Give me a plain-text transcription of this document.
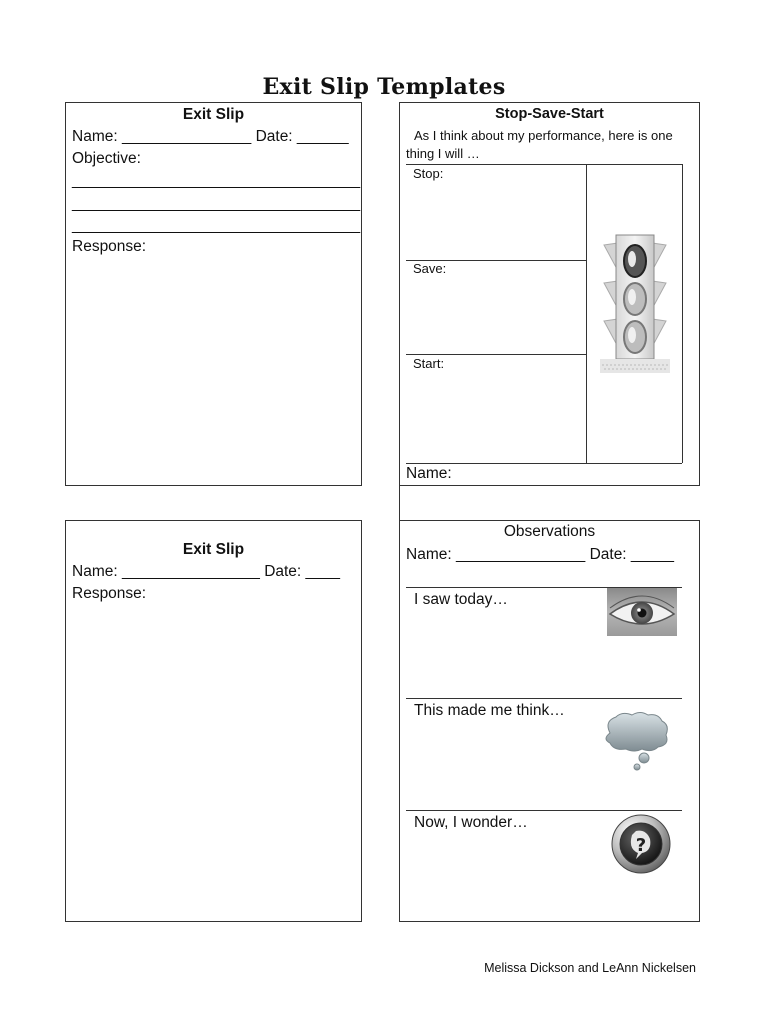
Exit Slip Templates
Exit Slip
Name: _______________ Date: ______
Objective:
___________________________________
___________________________________
___________________________________
Response:
Stop-Save-Start
As I think about my performance, here is one
thing I will …
Stop:
Save:
Start:
Name:
Exit Slip
Name: ________________ Date: ____
Response:
Observations
Name: _______________ Date: _____
I saw today…
This made me think…
Now, I wonder…
?
Melissa Dickson and LeAnn Nickelsen
